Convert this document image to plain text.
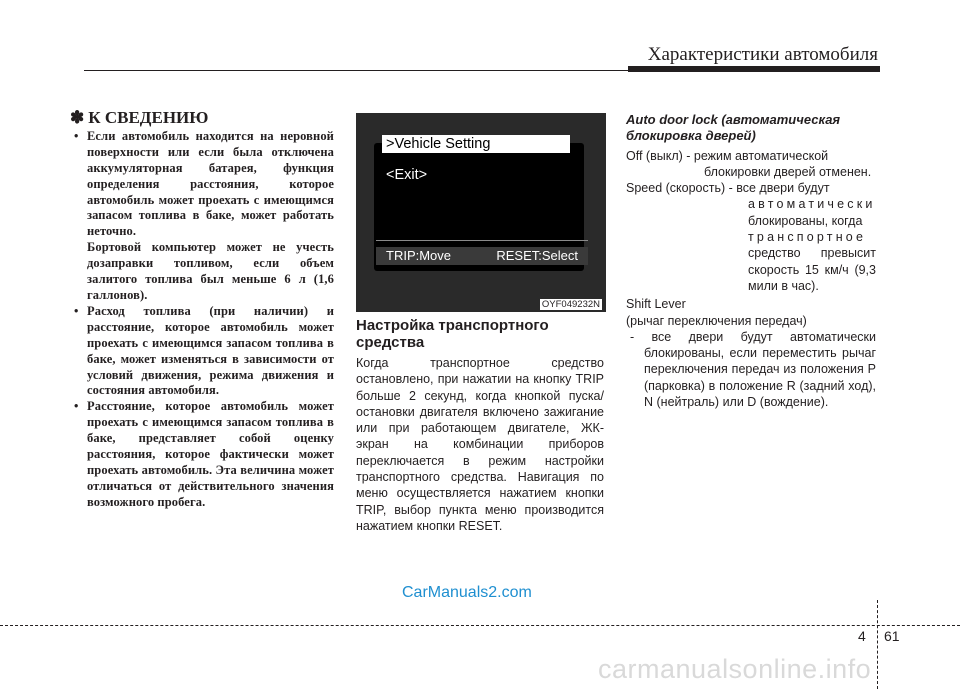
Характеристики автомобиля
✽ К СВЕДЕНИЮ
• Если автомобиль находится на неровной поверхности или если была отключена аккумуляторная батарея, функция определения расстояния, которое автомобиль может проехать с имеющимся запасом топлива в баке, может работать неточно.

Бортовой компьютер может не учесть дозаправки топливом, если объем залитого топлива был меньше 6 л (1,6 галлонов).

• Расход топлива (при наличии) и расстояние, которое автомобиль может проехать с имеющимся запасом топлива в баке, может изменяться в зависимости от условий движения, режима движения и состояния автомобиля.

• Расстояние, которое автомобиль может проехать с имеющимся запасом топлива в баке, представляет собой оценку расстояния, которое фактически может проехать автомобиль. Эта величина может отличаться от действительного значения возможного пробега.

>Vehicle Setting
<Exit>
TRIP:Move	RESET:Select
OYF049232N
Настройка транспортного средства

Когда транспортное средство остановлено, при нажатии на кнопку TRIP больше 2 секунд, когда кнопкой пуска/остановки двигателя включено зажигание или при работающем двигателе, ЖК-экран на комбинации приборов переключается в режим настройки транспортного средства. Навигация по меню осуществляется нажатием кнопки TRIP, выбор пункта меню производится нажатием кнопки RESET.

Auto door lock (автоматическая блокировка дверей)

Off (выкл) - режим автоматической

блокировки дверей отменен.

Speed (скорость) - все двери будут

автоматически

блокированы, когда

транспортное

средство превысит скорость 15 км/ч (9,3 мили в час).

Shift Lever

(рычаг переключения передач)

- все двери будут автоматически блокированы, если переместить рычаг переключения передач из положения P (парковка) в положение R (задний ход), N (нейтраль) или D (вождение).

CarManuals2.com
4 61
carmanualsonline.info
